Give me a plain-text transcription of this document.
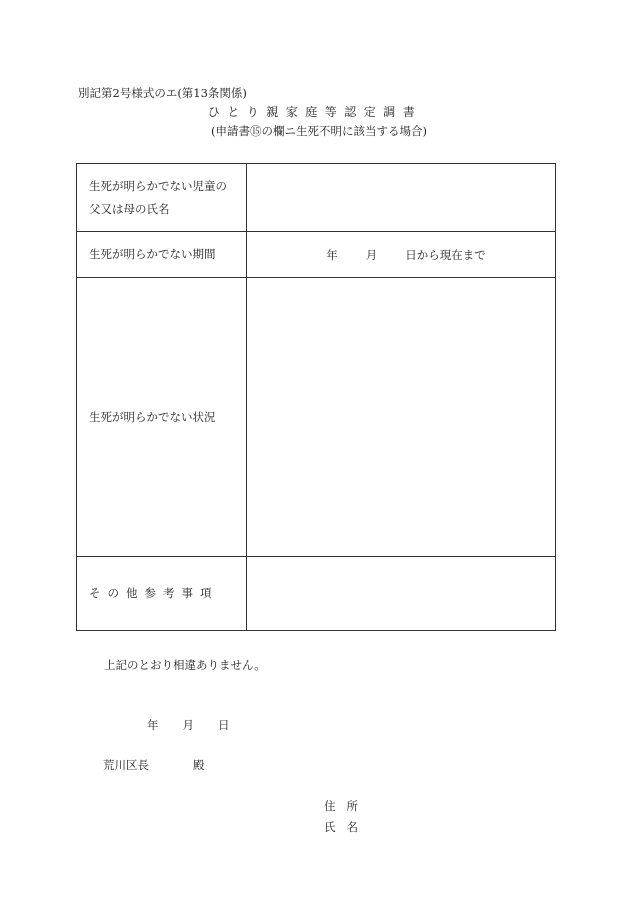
別記第2号様式のエ(第13条関係)
ひとり親家庭等認定調書
(申請書⑮の欄ニ生死不明に該当する場合)
生死が明らかでない児童の父又は母の氏名	
生死が明らかでない期間	年 月 日から現在まで

生死が明らかでない状況	
その他参考事項	
上記のとおり相違ありません。
年 月 日
荒川区長	殿
住所
氏名
